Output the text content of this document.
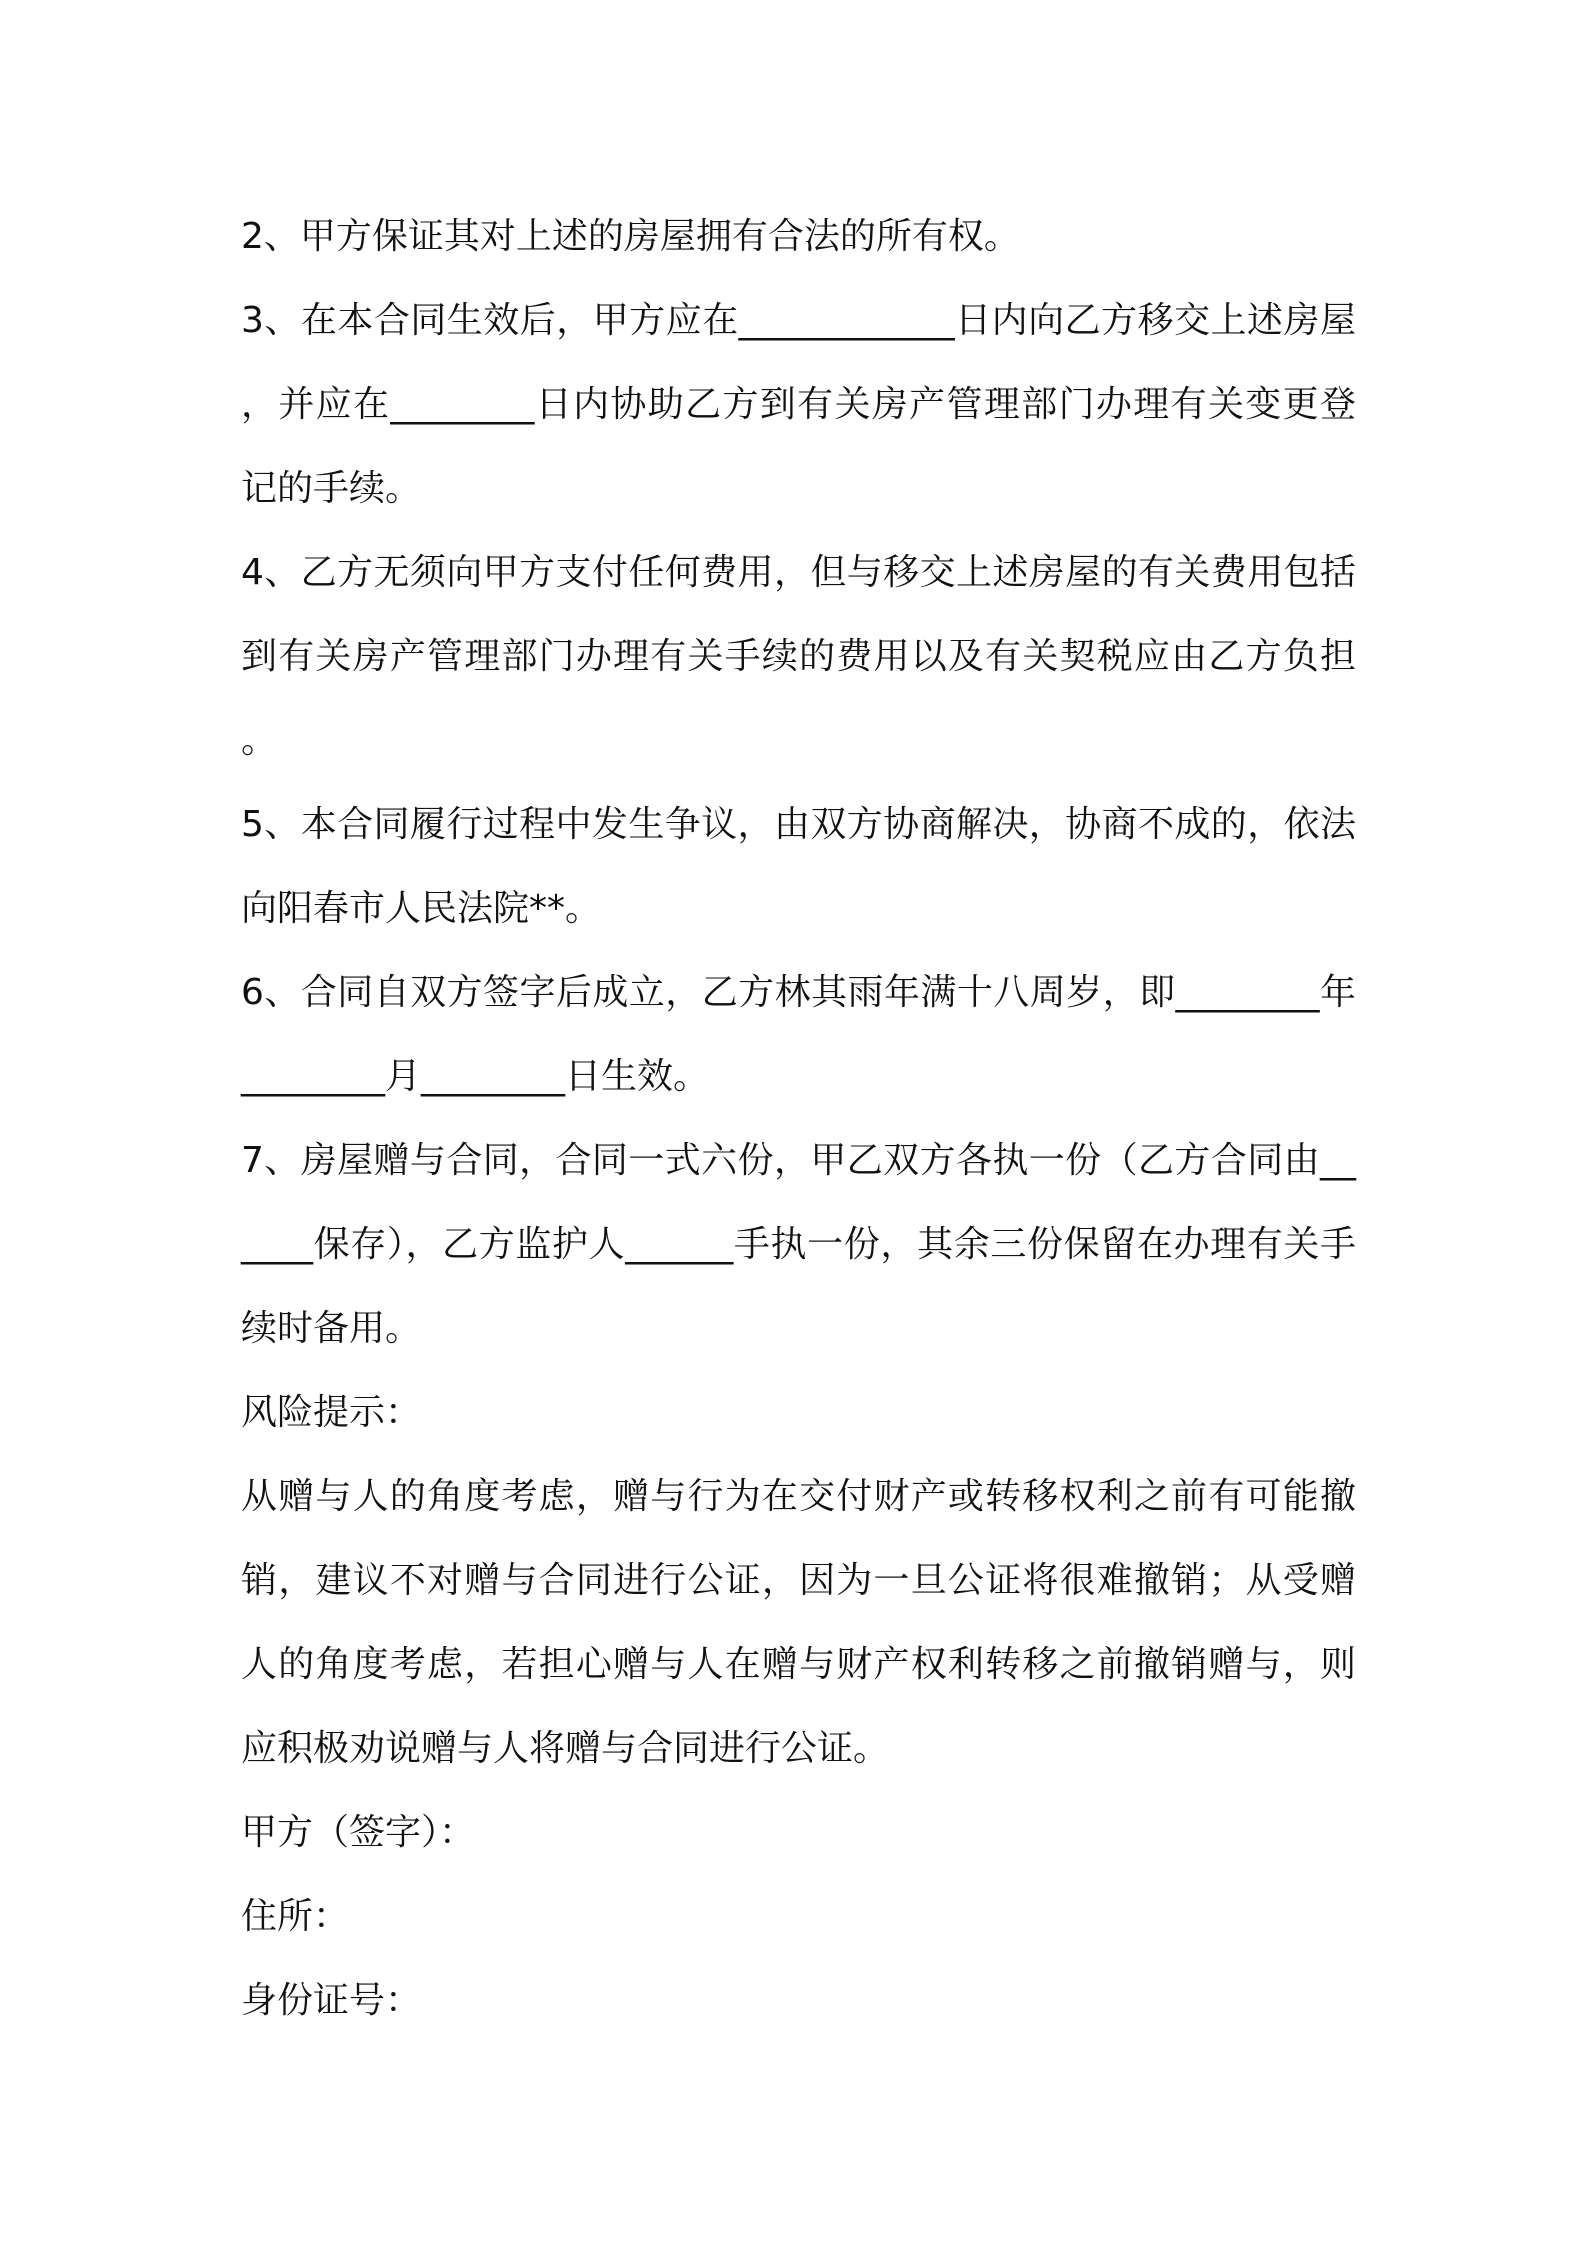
2、甲方保证其对上述的房屋拥有合法的所有权。

3、在本合同生效后，甲方应在____________日内向乙方移交上述房屋，并应在________日内协助乙方到有关房产管理部门办理有关变更登记的手续。

4、乙方无须向甲方支付任何费用，但与移交上述房屋的有关费用包括到有关房产管理部门办理有关手续的费用以及有关契税应由乙方负担。

5、本合同履行过程中发生争议，由双方协商解决，协商不成的，依法向阳春市人民法院**。

6、合同自双方签字后成立，乙方林其雨年满十八周岁，即________年________月________日生效。

7、房屋赠与合同，合同一式六份，甲乙双方各执一份（乙方合同由______保存），乙方监护人______手执一份，其余三份保留在办理有关手续时备用。

风险提示：

从赠与人的角度考虑，赠与行为在交付财产或转移权利之前有可能撤销，建议不对赠与合同进行公证，因为一旦公证将很难撤销；从受赠人的角度考虑，若担心赠与人在赠与财产权利转移之前撤销赠与，则应积极劝说赠与人将赠与合同进行公证。

甲方（签字）：

住所：

身份证号：
